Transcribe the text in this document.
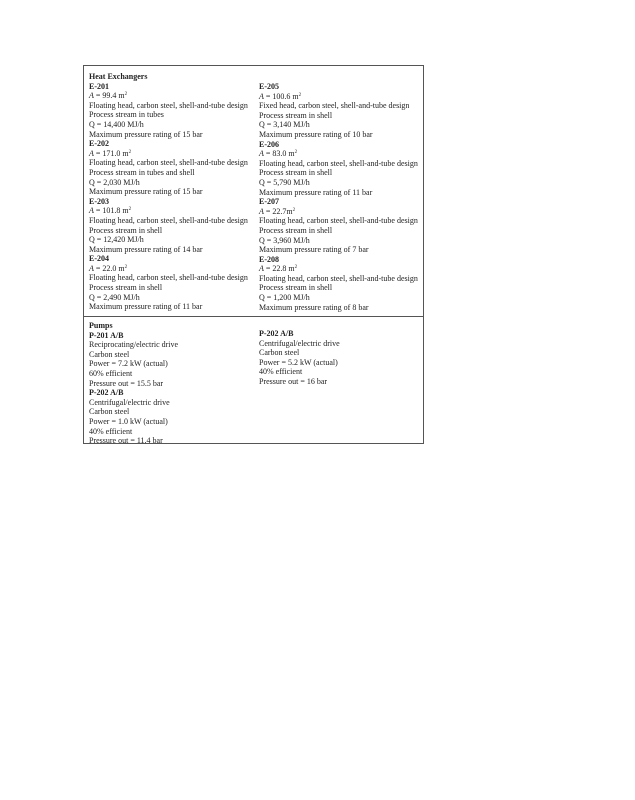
Heat Exchangers
E-201
A = 99.4 $m^2$
Floating head, carbon steel, shell-and-tube design
Process stream in tubes
Q = 14,400 MJ/h
Maximum pressure rating of 15 bar
E-202
A = 171.0 $m^2$
Floating head, carbon steel, shell-and-tube design
Process stream in tubes and shell
Q = 2,030 MJ/h
Maximum pressure rating of 15 bar
E-203
A = 101.8 $m^2$
Floating head, carbon steel, shell-and-tube design
Process stream in shell
Q = 12,420 MJ/h
Maximum pressure rating of 14 bar
E-204
A = 22.0 $m^2$
Floating head, carbon steel, shell-and-tube design
Process stream in shell
Q = 2,490 MJ/h
Maximum pressure rating of 11 bar
E-205
A = 100.6 $m^2$
Fixed head, carbon steel, shell-and-tube design
Process stream in shell
Q = 3,140 MJ/h
Maximum pressure rating of 10 bar
E-206
A = 83.0 $m^2$
Floating head, carbon steel, shell-and-tube design
Process stream in shell
Q = 5,790 MJ/h
Maximum pressure rating of 11 bar
E-207
$A = 22.7m^2$
Floating head, carbon steel, shell-and-tube design
Process stream in shell
Q = 3,960 MJ/h
Maximum pressure rating of 7 bar
E-208
A = 22.8 $m^2$
Floating head, carbon steel, shell-and-tube design
Process stream in shell
Q = 1,200 MJ/h
Maximum pressure rating of 8 bar
Pumps
P-201 A/B
Reciprocating/electric drive
Carbon steel
Power = 7.2 kW (actual)
60% efficient
Pressure out = 15.5 bar
P-202 A/B
Centrifugal/electric drive
Carbon steel
Power = 1.0 kW (actual)
40% efficient
Pressure out = 11.4 bar
P-202 A/B
Centrifugal/electric drive
Carbon steel
Power = 5.2 kW (actual)
40% efficient
Pressure out = 16 bar
